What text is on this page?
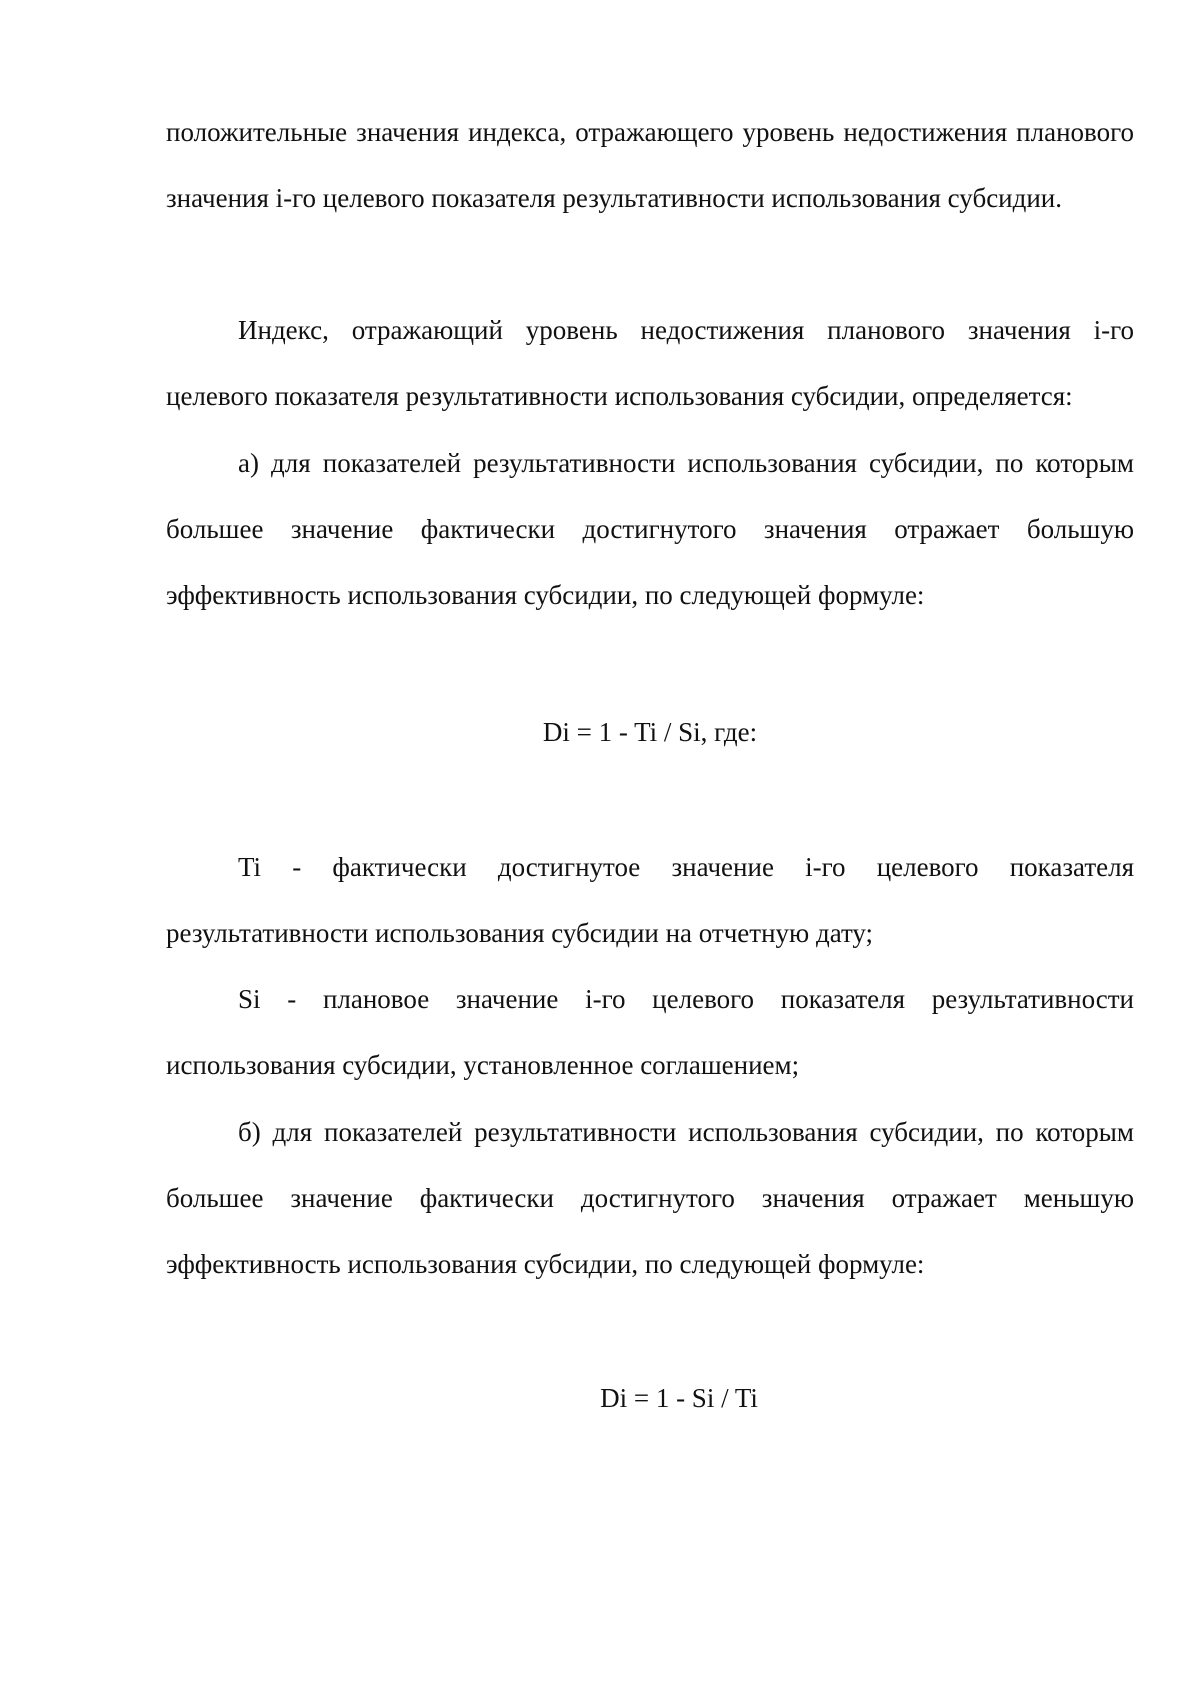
положительные значения индекса, отражающего уровень недостижения планового значения i-го целевого показателя результативности использования субсидии.

Индекс, отражающий уровень недостижения планового значения i-го целевого показателя результативности использования субсидии, определяется:

а) для показателей результативности использования субсидии, по которым большее значение фактически достигнутого значения отражает большую эффективность использования субсидии, по следующей формуле:

Di = 1 - Ti / Si, где:

Ti - фактически достигнутое значение i-го целевого показателя результативности использования субсидии на отчетную дату;

Si - плановое значение i-го целевого показателя результативности использования субсидии, установленное соглашением;

б) для показателей результативности использования субсидии, по которым большее значение фактически достигнутого значения отражает меньшую эффективность использования субсидии, по следующей формуле:

Di = 1 - Si / Ti
